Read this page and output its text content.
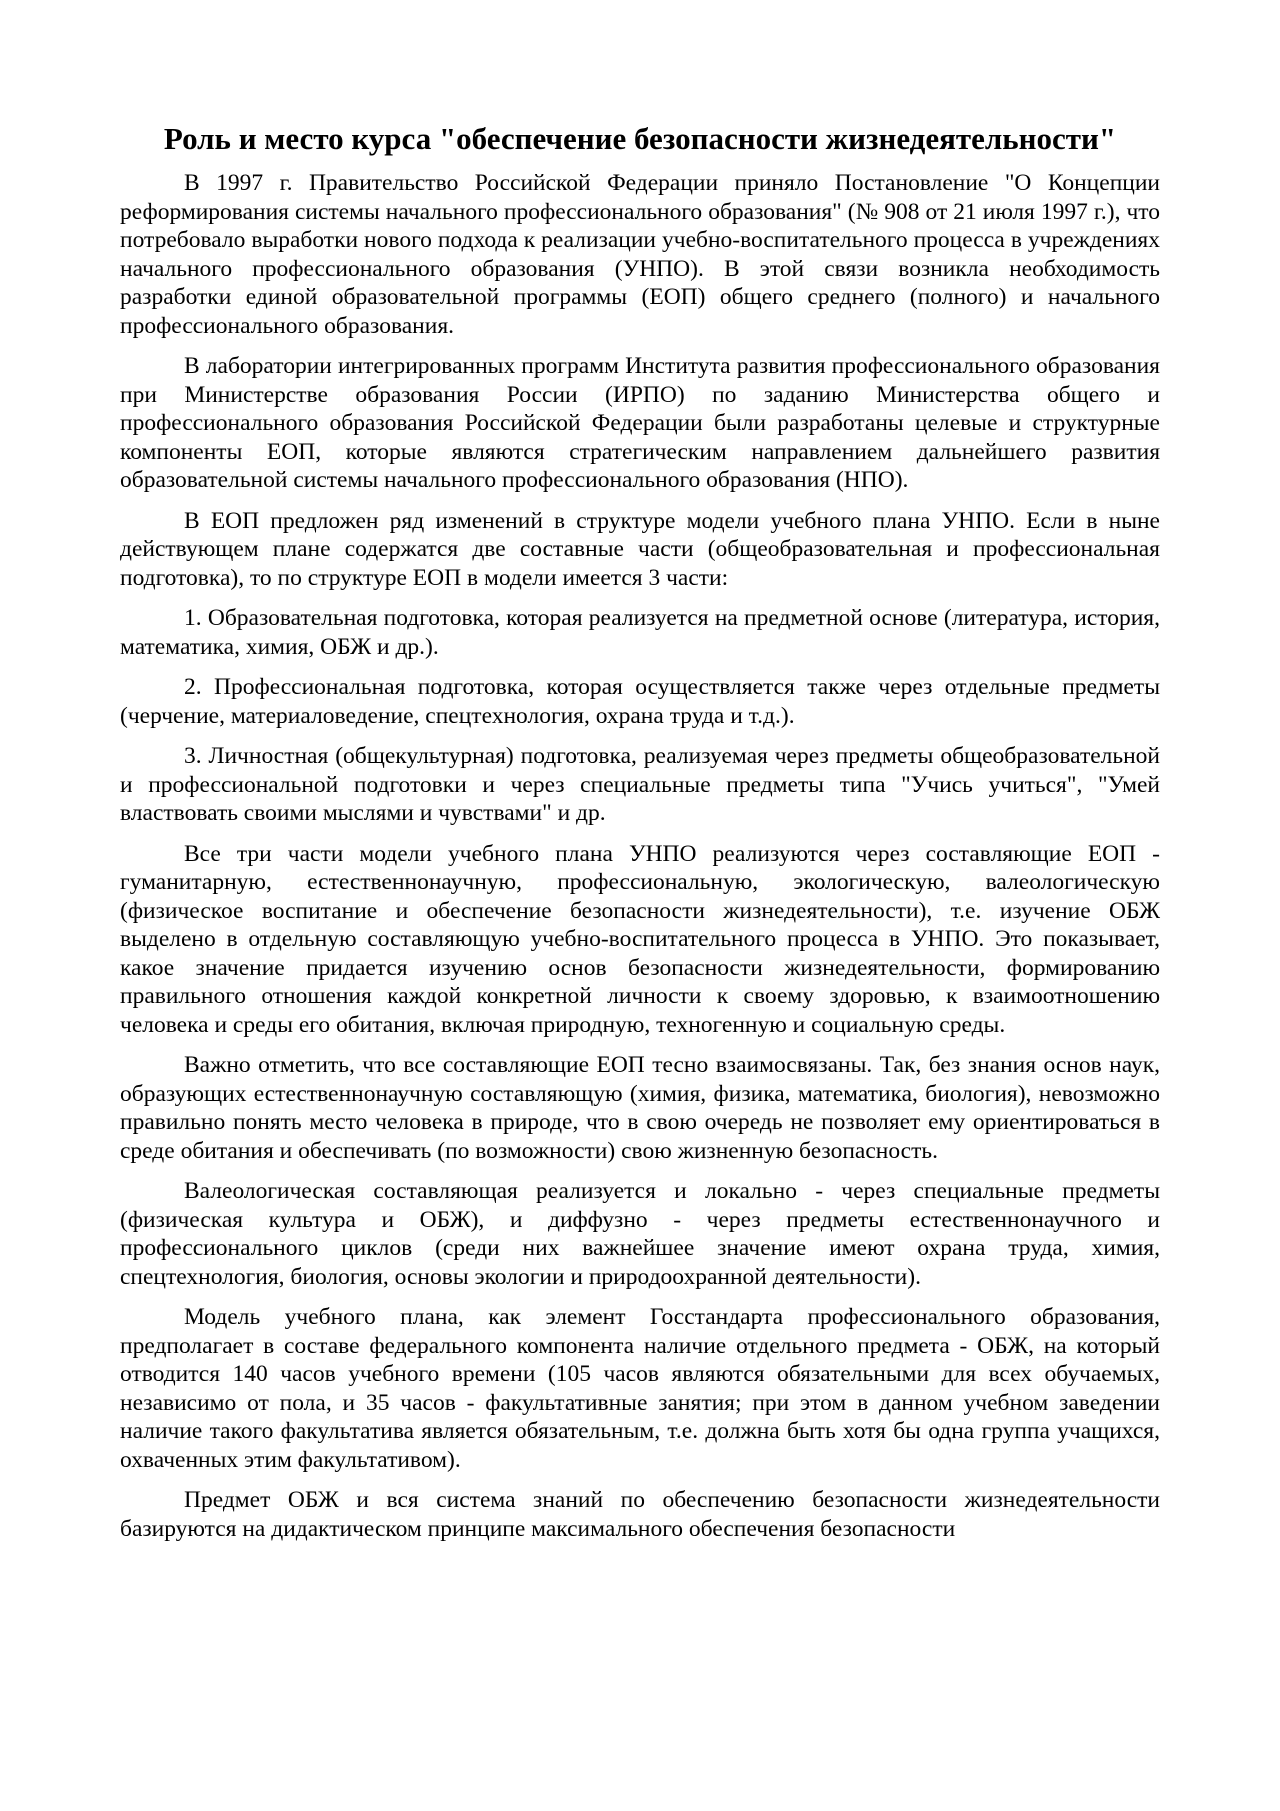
Роль и место курса "обеспечение безопасности жизнедеятельности"

В 1997 г. Правительство Российской Федерации приняло Постановление "О Концепции реформирования системы начального профессионального образования" (№ 908 от 21 июля 1997 г.), что потребовало выработки нового подхода к реализации учебно-воспитательного процесса в учреждениях начального профессионального образования (УНПО). В этой связи возникла необходимость разработки единой образовательной программы (ЕОП) общего среднего (полного) и начального профессионального образования.

В лаборатории интегрированных программ Института развития профессионального образования при Министерстве образования России (ИРПО) по заданию Министерства общего и профессионального образования Российской Федерации были разработаны целевые и структурные компоненты ЕОП, которые являются стратегическим направлением дальнейшего развития образовательной системы начального профессионального образования (НПО).

В ЕОП предложен ряд изменений в структуре модели учебного плана УНПО. Если в ныне действующем плане содержатся две составные части (общеобразовательная и профессиональная подготовка), то по структуре ЕОП в модели имеется 3 части:

1. Образовательная подготовка, которая реализуется на предметной основе (литература, история, математика, химия, ОБЖ и др.).

2. Профессиональная подготовка, которая осуществляется также через отдельные предметы (черчение, материаловедение, спецтехнология, охрана труда и т.д.).

3. Личностная (общекультурная) подготовка, реализуемая через предметы общеобразовательной и профессиональной подготовки и через специальные предметы типа "Учись учиться", "Умей властвовать своими мыслями и чувствами" и др.

Все три части модели учебного плана УНПО реализуются через составляющие ЕОП - гуманитарную, естественнонаучную, профессиональную, экологическую, валеологическую (физическое воспитание и обеспечение безопасности жизнедеятельности), т.е. изучение ОБЖ выделено в отдельную составляющую учебно-воспитательного процесса в УНПО. Это показывает, какое значение придается изучению основ безопасности жизнедеятельности, формированию правильного отношения каждой конкретной личности к своему здоровью, к взаимоотношению человека и среды его обитания, включая природную, техногенную и социальную среды.

Важно отметить, что все составляющие ЕОП тесно взаимосвязаны. Так, без знания основ наук, образующих естественнонаучную составляющую (химия, физика, математика, биология), невозможно правильно понять место человека в природе, что в свою очередь не позволяет ему ориентироваться в среде обитания и обеспечивать (по возможности) свою жизненную безопасность.

Валеологическая составляющая реализуется и локально - через специальные предметы (физическая культура и ОБЖ), и диффузно - через предметы естественнонаучного и профессионального циклов (среди них важнейшее значение имеют охрана труда, химия, спецтехнология, биология, основы экологии и природоохранной деятельности).

Модель учебного плана, как элемент Госстандарта профессионального образования, предполагает в составе федерального компонента наличие отдельного предмета - ОБЖ, на который отводится 140 часов учебного времени (105 часов являются обязательными для всех обучаемых, независимо от пола, и 35 часов - факультативные занятия; при этом в данном учебном заведении наличие такого факультатива является обязательным, т.е. должна быть хотя бы одна группа учащихся, охваченных этим факультативом).

Предмет ОБЖ и вся система знаний по обеспечению безопасности жизнедеятельности базируются на дидактическом принципе максимального обеспечения безопасности
